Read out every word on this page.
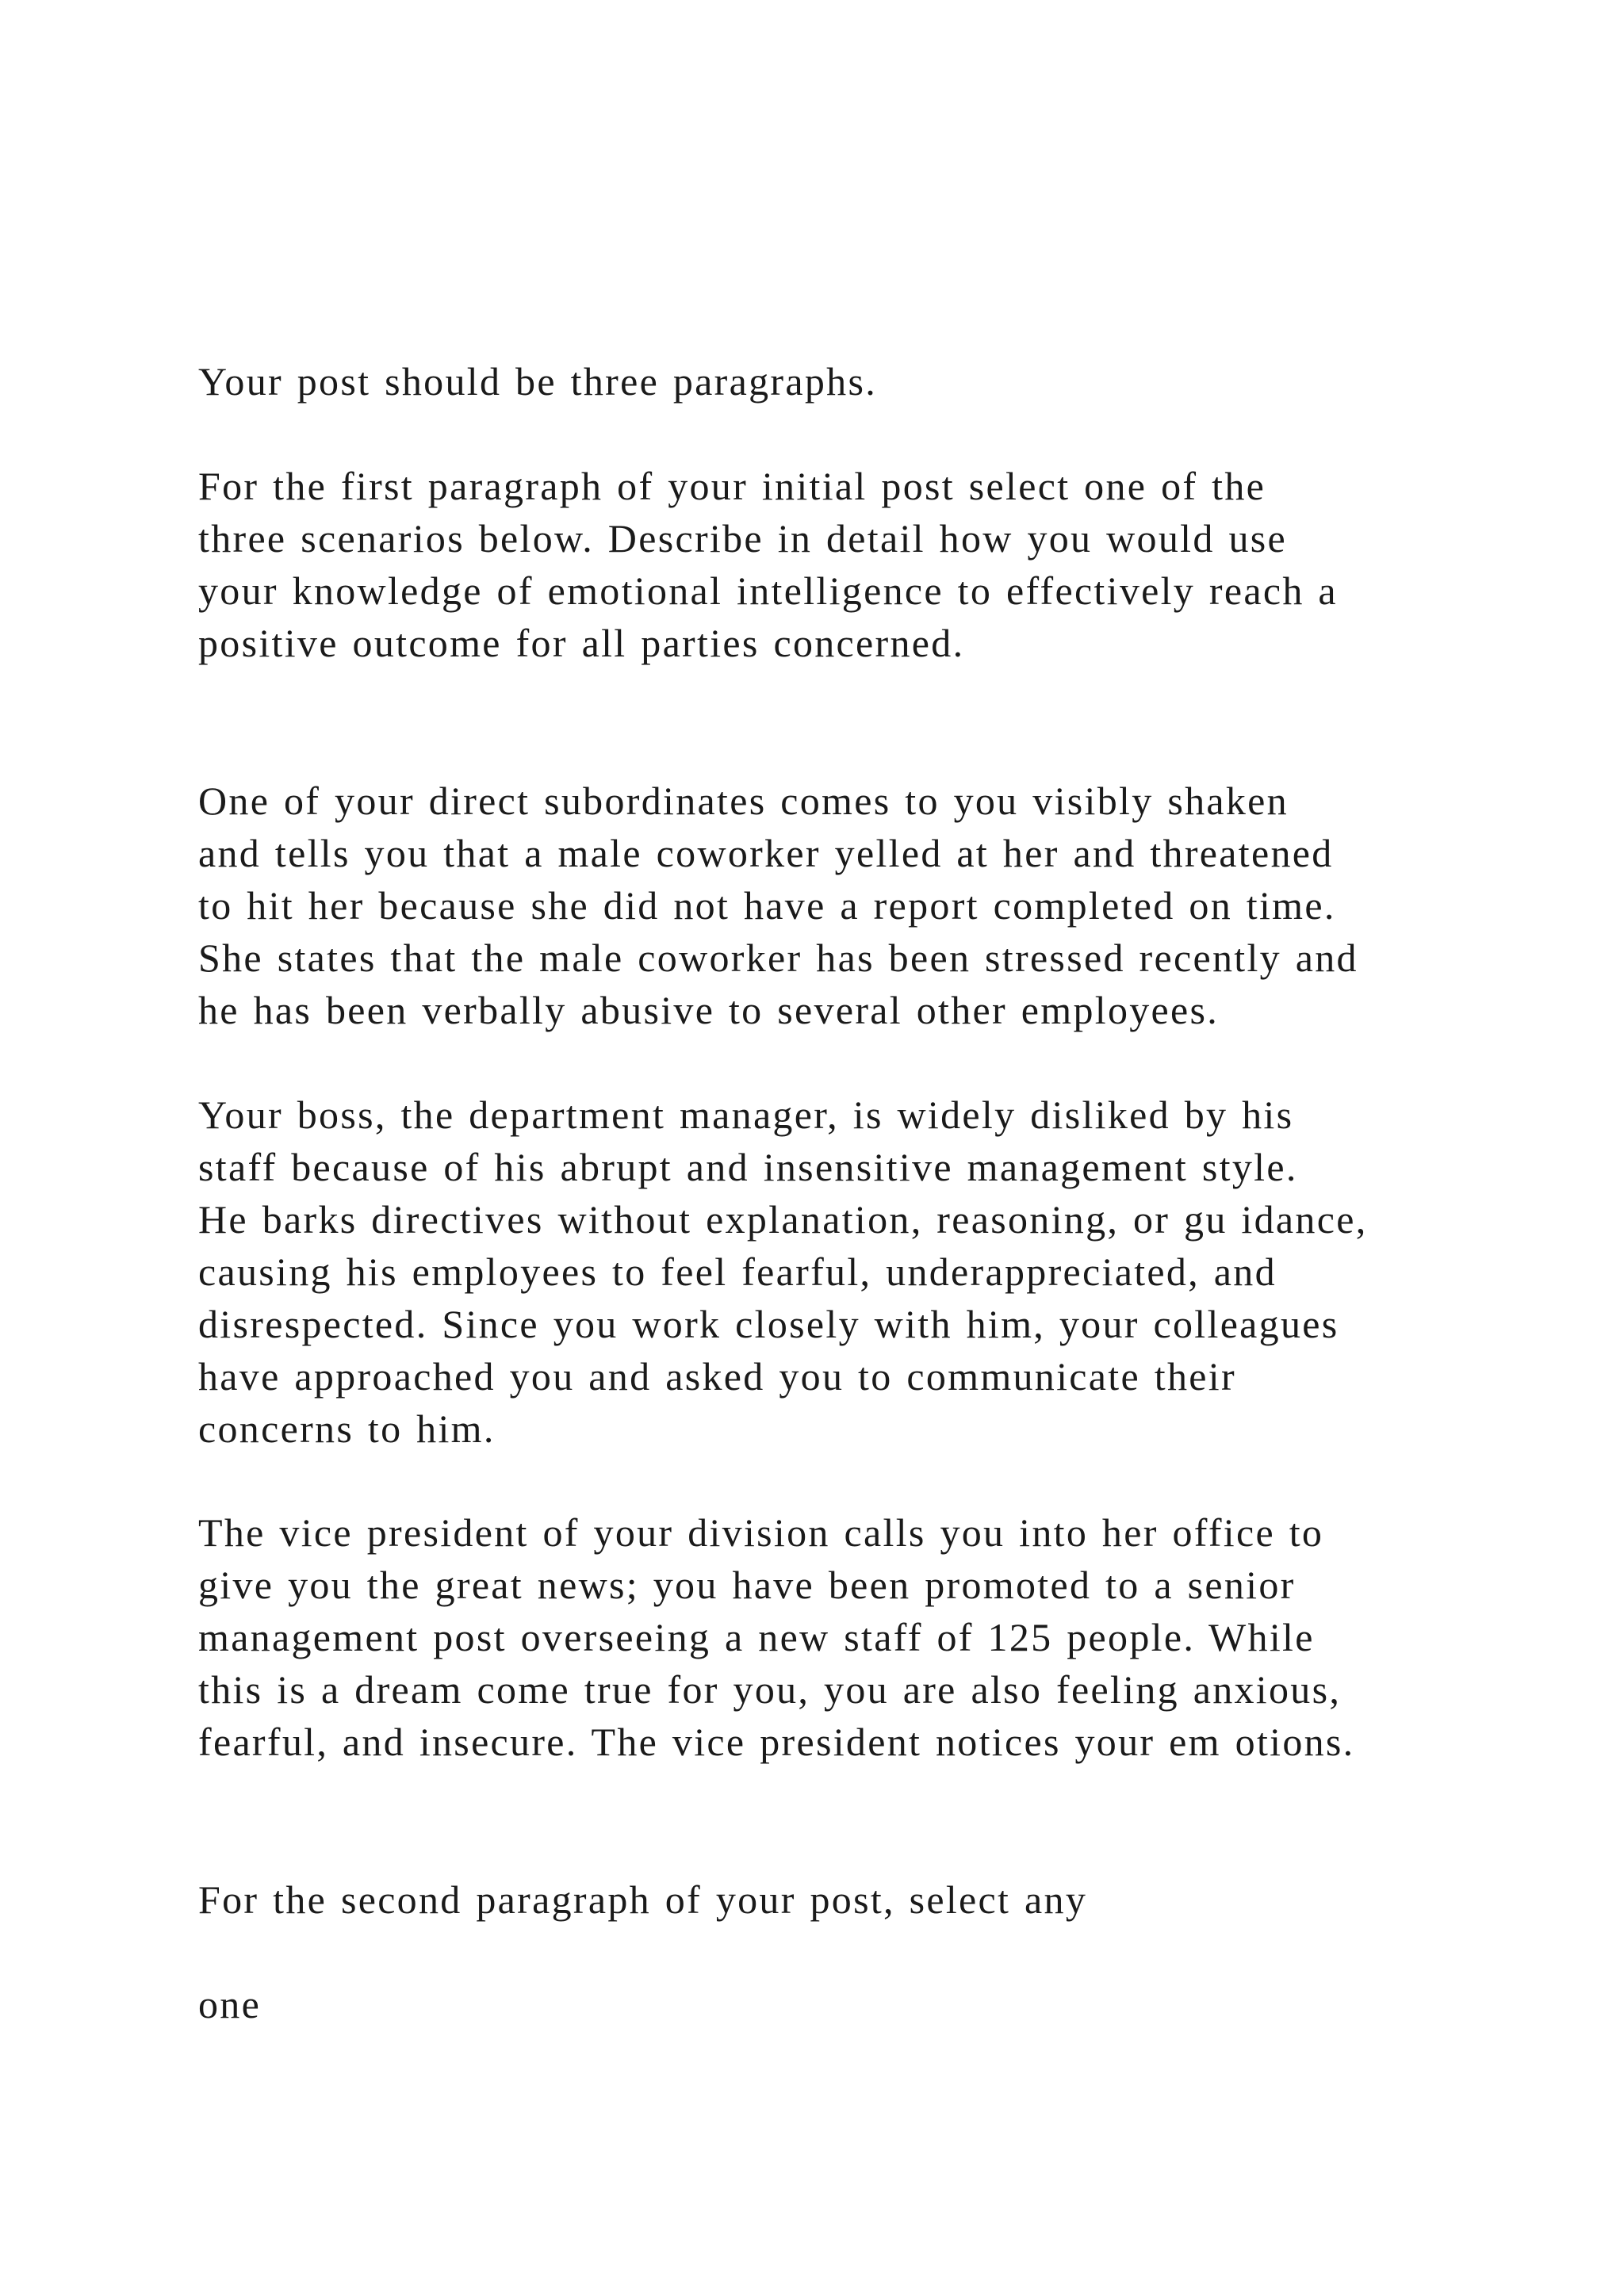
Your post should be three paragraphs.

For the first paragraph of your initial post select one of the
three scenarios below. Describe in detail how you would use
your knowledge of emotional intelligence to effectively reach a
positive outcome for all parties concerned.

One of your direct subordinates comes to you visibly shaken
and tells you that a male coworker yelled at her and threatened
to hit her because she did not have a report completed on time.
She states that the male coworker has been stressed recently and
he has been verbally abusive to several other employees.

Your boss, the department manager, is widely disliked by his
staff because of his abrupt and insensitive management style.
He barks directives without explanation, reasoning, or gu idance,
causing his employees to feel fearful, underappreciated, and
disrespected. Since you work closely with him, your colleagues
have approached you and asked you to communicate their
concerns to him.

The vice president of your division calls you into her office to
give you the great news; you have been promoted to a senior
management post overseeing a new staff of 125 people. While
this is a dream come true for you, you are also feeling anxious,
fearful, and insecure. The vice president notices your em otions.

For the second paragraph of your post, select any

one
